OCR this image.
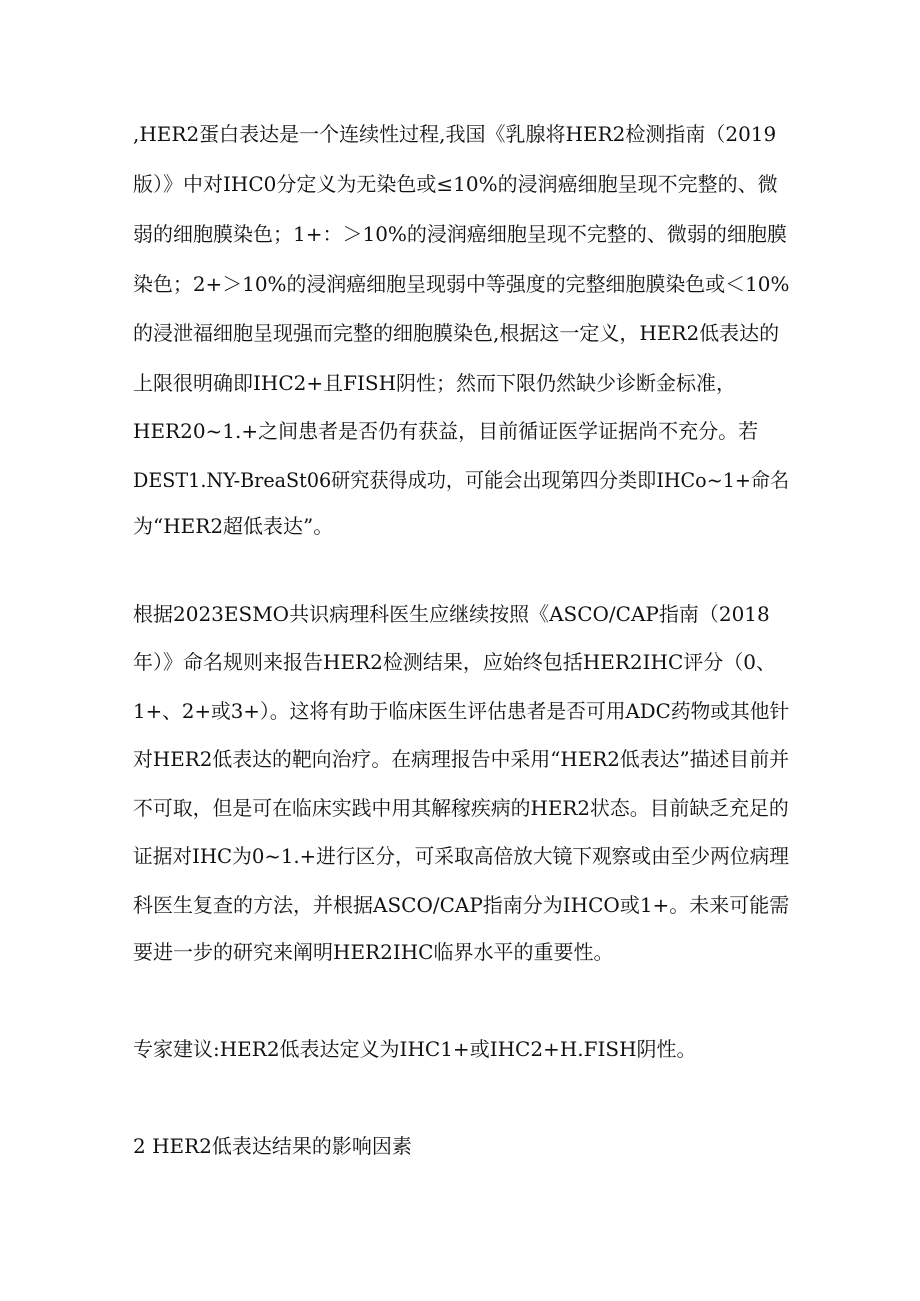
,HER2蛋白表达是一个连续性过程,我国《乳腺将HER2检测指南（2019

版）》中对IHC0分定义为无染色或≤10%的浸润癌细胞呈现不完整的、微

弱的细胞膜染色；1+：＞10%的浸润癌细胞呈现不完整的、微弱的细胞膜

染色；2+＞10%的浸润癌细胞呈现弱中等强度的完整细胞膜染色或＜10%

的浸泄福细胞呈现强而完整的细胞膜染色,根据这一定义，HER2低表达的

上限很明确即IHC2+且FISH阴性；然而下限仍然缺少诊断金标准，

HER20~1.+之间患者是否仍有获益，目前循证医学证据尚不充分。若

DEST1.NY-BreaSt06研究获得成功，可能会出现第四分类即IHCo~1+命名

为“HER2超低表达”。

根据2023ESMO共识病理科医生应继续按照《ASCO/CAP指南（2018

年）》命名规则来报告HER2检测结果，应始终包括HER2IHC评分（0、

1+、2+或3+）。这将有助于临床医生评估患者是否可用ADC药物或其他针

对HER2低表达的靶向治疗。在病理报告中采用“HER2低表达”描述目前并

不可取，但是可在临床实践中用其解稼疾病的HER2状态。目前缺乏充足的

证据对IHC为0~1.+进行区分，可采取高倍放大镜下观察或由至少两位病理

科医生复查的方法，并根据ASCO/CAP指南分为IHCO或1+。未来可能需

要进一步的研究来阐明HER2IHC临界水平的重要性。

专家建议:HER2低表达定义为IHC1+或IHC2+H.FISH阴性。

2 HER2低表达结果的影响因素
